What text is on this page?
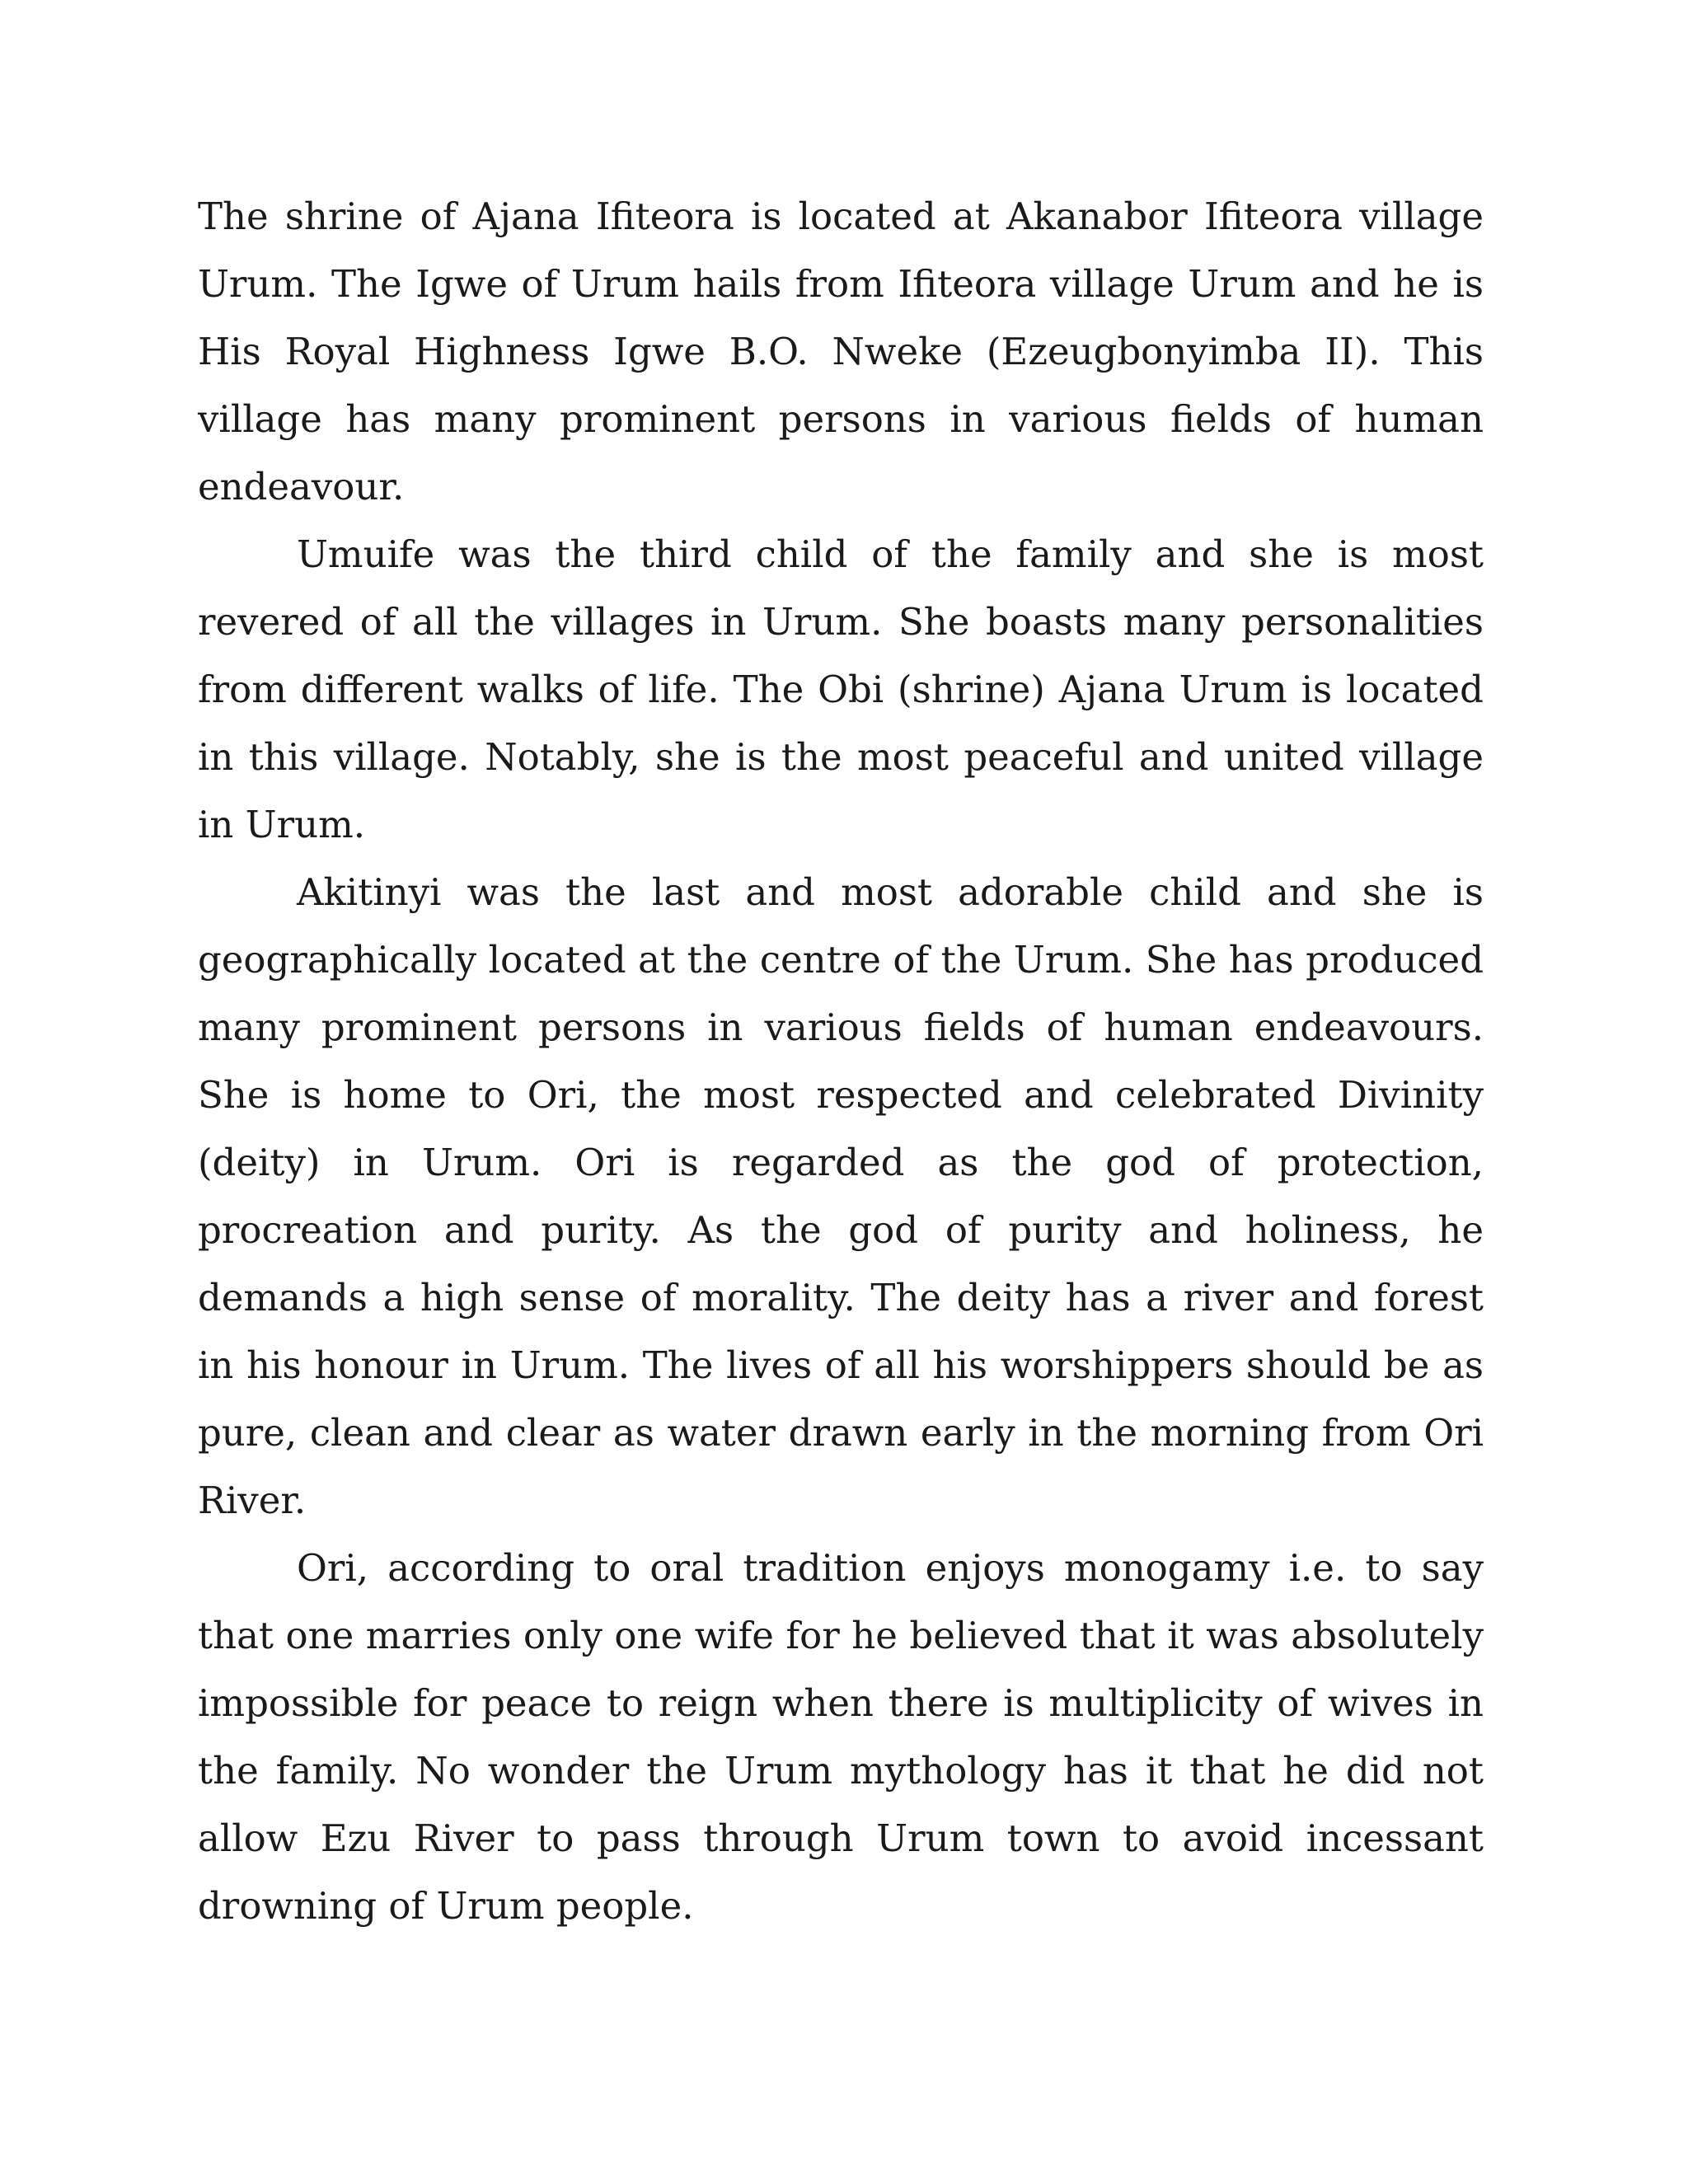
The shrine of Ajana Ifiteora is located at Akanabor Ifiteora village Urum. The Igwe of Urum hails from Ifiteora village Urum and he is His Royal Highness Igwe B.O. Nweke (Ezeugbonyimba II). This village has many prominent persons in various fields of human endeavour.

Umuife was the third child of the family and she is most revered of all the villages in Urum. She boasts many personalities from different walks of life. The Obi (shrine) Ajana Urum is located in this village. Notably, she is the most peaceful and united village in Urum.

Akitinyi was the last and most adorable child and she is geographically located at the centre of the Urum. She has produced many prominent persons in various fields of human endeavours. She is home to Ori, the most respected and celebrated Divinity (deity) in Urum. Ori is regarded as the god of protection, procreation and purity. As the god of purity and holiness, he demands a high sense of morality. The deity has a river and forest in his honour in Urum. The lives of all his worshippers should be as pure, clean and clear as water drawn early in the morning from Ori River.

Ori, according to oral tradition enjoys monogamy i.e. to say that one marries only one wife for he believed that it was absolutely impossible for peace to reign when there is multiplicity of wives in the family. No wonder the Urum mythology has it that he did not allow Ezu River to pass through Urum town to avoid incessant drowning of Urum people.
